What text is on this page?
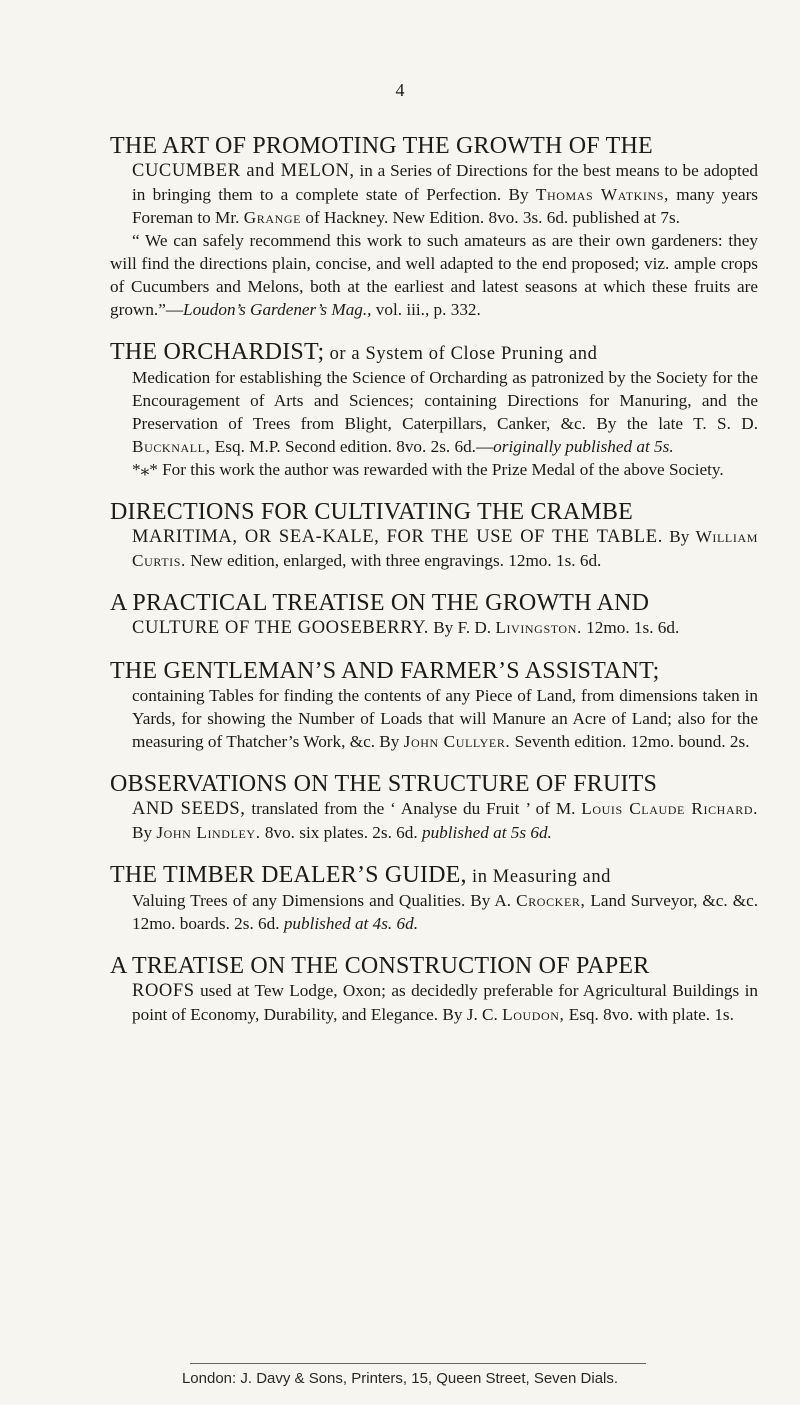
4

THE ART OF PROMOTING THE GROWTH OF THE

CUCUMBER and MELON, in a Series of Directions for the best means to be adopted in bringing them to a complete state of Perfection. By Thomas Watkins, many years Foreman to Mr. Grange of Hackney. New Edition. 8vo. 3s. 6d. published at 7s.

“ We can safely recommend this work to such amateurs as are their own gardeners: they will find the directions plain, concise, and well adapted to the end proposed; viz. ample crops of Cucumbers and Melons, both at the earliest and latest seasons at which these fruits are grown.”—Loudon’s Gardener’s Mag., vol. iii., p. 332.

THE ORCHARDIST; or a System of Close Pruning and

Medication for establishing the Science of Orcharding as patronized by the Society for the Encouragement of Arts and Sciences; containing Directions for Manuring, and the Preservation of Trees from Blight, Caterpillars, Canker, &c. By the late T. S. D. Bucknall, Esq. M.P. Second edition. 8vo. 2s. 6d.—originally published at 5s.

*⁎* For this work the author was rewarded with the Prize Medal of the above Society.

DIRECTIONS FOR CULTIVATING THE CRAMBE

MARITIMA, OR SEA-KALE, FOR THE USE OF THE TABLE. By William Curtis. New edition, enlarged, with three engravings. 12mo. 1s. 6d.

A PRACTICAL TREATISE ON THE GROWTH AND

CULTURE OF THE GOOSEBERRY. By F. D. Livingston. 12mo. 1s. 6d.

THE GENTLEMAN’S AND FARMER’S ASSISTANT;

containing Tables for finding the contents of any Piece of Land, from dimensions taken in Yards, for showing the Number of Loads that will Manure an Acre of Land; also for the measuring of Thatcher’s Work, &c. By John Cullyer. Seventh edition. 12mo. bound. 2s.

OBSERVATIONS ON THE STRUCTURE OF FRUITS

AND SEEDS, translated from the ‘ Analyse du Fruit ’ of M. Louis Claude Richard. By John Lindley. 8vo. six plates. 2s. 6d. published at 5s 6d.

THE TIMBER DEALER’S GUIDE, in Measuring and

Valuing Trees of any Dimensions and Qualities. By A. Crocker, Land Surveyor, &c. &c. 12mo. boards. 2s. 6d. published at 4s. 6d.

A TREATISE ON THE CONSTRUCTION OF PAPER

ROOFS used at Tew Lodge, Oxon; as decidedly preferable for Agricultural Buildings in point of Economy, Durability, and Elegance. By J. C. Loudon, Esq. 8vo. with plate. 1s.

London: J. Davy & Sons, Printers, 15, Queen Street, Seven Dials.
